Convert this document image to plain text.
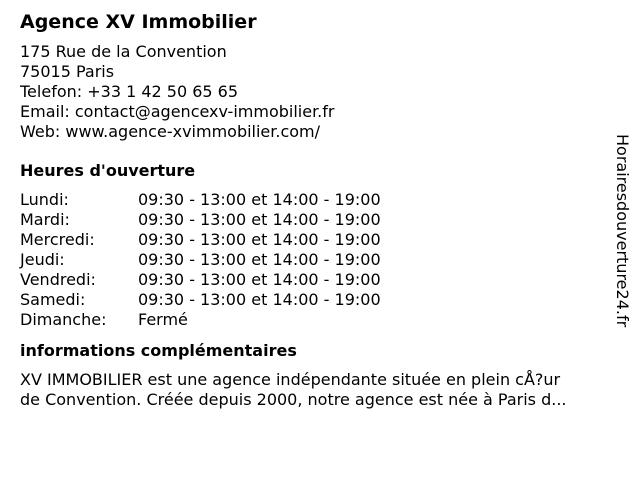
Agence XV Immobilier
175 Rue de la Convention
75015 Paris
Telefon: +33 1 42 50 65 65
Email: contact@agencexv-immobilier.fr
Web: www.agence-xvimmobilier.com/
Heures d'ouverture
Lundi:	09:30 - 13:00 et 14:00 - 19:00
Mardi:	09:30 - 13:00 et 14:00 - 19:00
Mercredi:	09:30 - 13:00 et 14:00 - 19:00
Jeudi:	09:30 - 13:00 et 14:00 - 19:00
Vendredi:	09:30 - 13:00 et 14:00 - 19:00
Samedi:	09:30 - 13:00 et 14:00 - 19:00
Dimanche:	Fermé
informations complémentaires
XV IMMOBILIER est une agence indépendante située en plein cÅ?ur
de Convention. Créée depuis 2000, notre agence est née à Paris d...
Horairesdouverture24.fr
